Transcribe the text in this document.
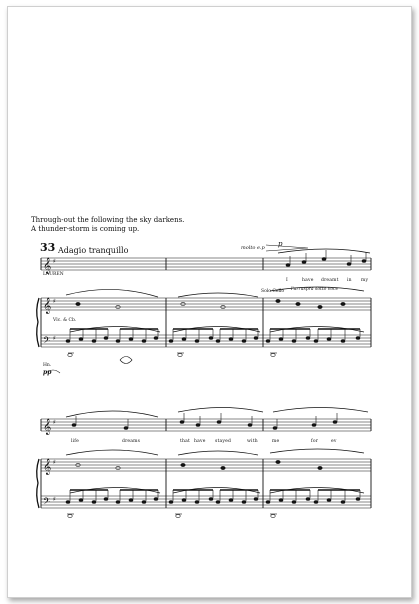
Through-out the following the sky darkens.
A thunder-storm is coming up.
33 Adagio tranquillo	molto e.p p
LAUREN
I	have dreamt in my
Solo Cello l'arruspra sotto voce
Vlc. & Cb.
Hn.
pp
life	dreams	that have stayed	with	me	for	ev
𝄞
𝄞
𝄢
𝄞
𝄞
𝄢
♯
♯
♯
♯
♯
♯
